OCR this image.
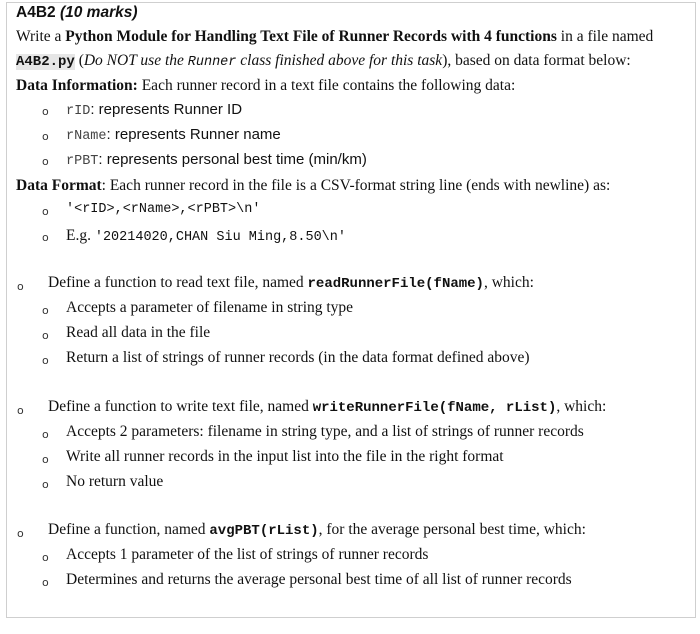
A4B2 (10 marks)
Write a Python Module for Handling Text File of Runner Records with 4 functions in a file named
A4B2.py (Do NOT use the Runner class finished above for this task), based on data format below:
Data Information: Each runner record in a text file contains the following data:
o rID: represents Runner ID
o rName: represents Runner name
o rPBT: represents personal best time (min/km)
Data Format: Each runner record in the file is a CSV-format string line (ends with newline) as:
o '<rID>,<rName>,<rPBT>\n'
o E.g. '20214020,CHAN Siu Ming,8.50\n'
o Define a function to read text file, named readRunnerFile(fName), which:
o Accepts a parameter of filename in string type
o Read all data in the file
o Return a list of strings of runner records (in the data format defined above)
o Define a function to write text file, named writeRunnerFile(fName, rList), which:
o Accepts 2 parameters: filename in string type, and a list of strings of runner records
o Write all runner records in the input list into the file in the right format
o No return value
o Define a function, named avgPBT(rList), for the average personal best time, which:
o Accepts 1 parameter of the list of strings of runner records
o Determines and returns the average personal best time of all list of runner records
